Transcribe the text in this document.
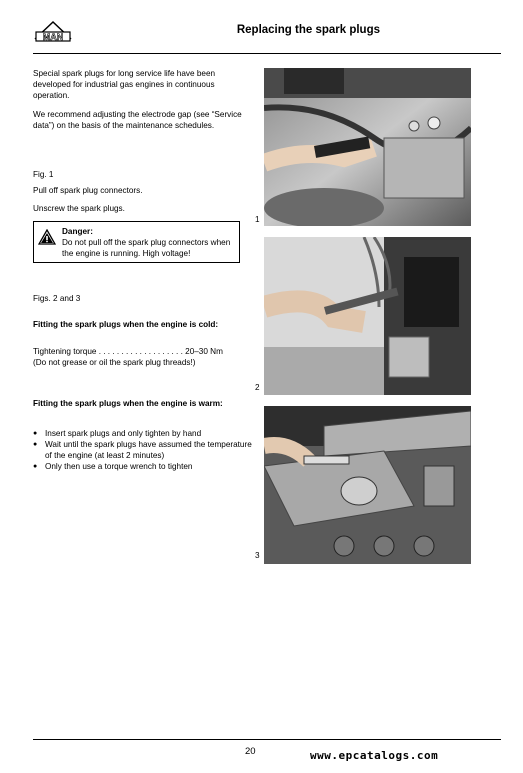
MAN
Replacing the spark plugs
Special spark plugs for long service life have been developed for industrial gas engines in continuous operation.
We recommend adjusting the electrode gap (see “Service data”) on the basis of the maintenance schedules.
Fig. 1
Pull off spark plug connectors.
Unscrew the spark plugs.
Danger:
Do not pull off the spark plug connectors when the engine is running. High voltage!
Figs. 2 and 3
Fitting the spark plugs when the engine is cold:
Tightening torque . . . . . . . . . . . . . . . . . . . 20–30 Nm
(Do not grease or oil the spark plug threads!)
Fitting the spark plugs when the engine is warm:
● Insert spark plugs and only tighten by hand
● Wait until the spark plugs have assumed the temperature of the engine (at least 2 minutes)
● Only then use a torque wrench to tighten
1
2
3
20	www.epcatalogs.com
